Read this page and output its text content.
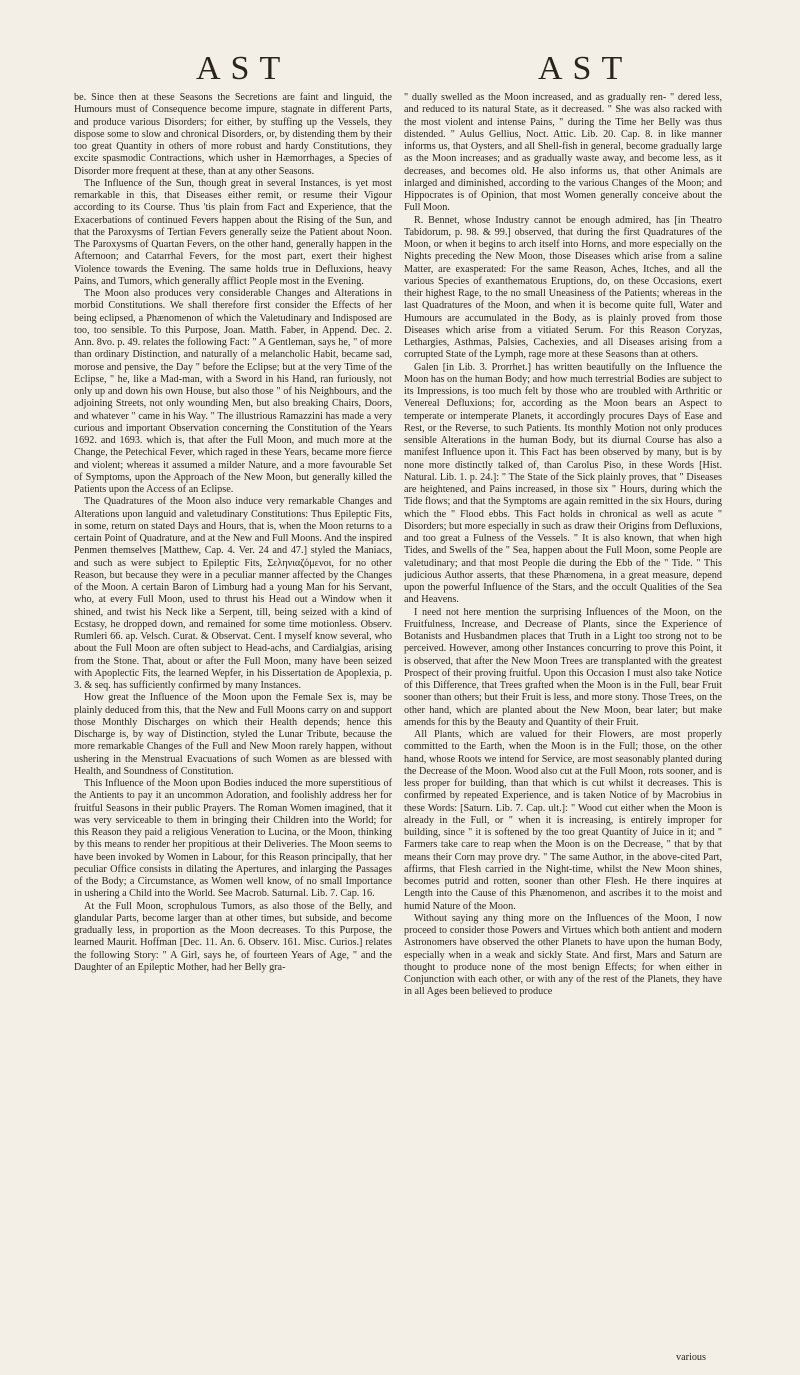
AST	AST

be. Since then at these Seasons the Secretions are faint and linguid, the Humours must of Consequence become impure, stagnate in different Parts, and produce various Disorders; for either, by stuffing up the Vessels, they dispose some to slow and chronical Disorders, or, by distending them by their too great Quantity in others of more robust and hardy Constitutions, they excite spasmodic Contractions, which usher in Hæmorrhages, a Species of Disorder more frequent at these, than at any other Seasons.

The Influence of the Sun, though great in several Instances, is yet most remarkable in this, that Diseases either remit, or resume their Vigour according to its Course. Thus 'tis plain from Fact and Experience, that the Exacerbations of continued Fevers happen about the Rising of the Sun, and that the Paroxysms of Tertian Fevers generally seize the Patient about Noon. The Paroxysms of Quartan Fevers, on the other hand, generally happen in the Afternoon; and Catarrhal Fevers, for the most part, exert their highest Violence towards the Evening. The same holds true in Defluxions, heavy Pains, and Tumors, which generally afflict People most in the Evening.

The Moon also produces very considerable Changes and Alterations in morbid Constitutions. We shall therefore first consider the Effects of her being eclipsed, a Phænomenon of which the Valetudinary and Indisposed are too, too sensible. To this Purpose, Joan. Matth. Faber, in Append. Dec. 2. Ann. 8vo. p. 49. relates the following Fact: " A Gentleman, says he, " of more than ordinary Distinction, and naturally of a melancholic Habit, became sad, morose and pensive, the Day " before the Eclipse; but at the very Time of the Eclipse, " he, like a Mad-man, with a Sword in his Hand, ran furiously, not only up and down his own House, but also those " of his Neighbours, and the adjoining Streets, not only wounding Men, but also breaking Chairs, Doors, and whatever " came in his Way. " The illustrious Ramazzini has made a very curious and important Observation concerning the Constitution of the Years 1692. and 1693. which is, that after the Full Moon, and much more at the Change, the Petechical Fever, which raged in these Years, became more fierce and violent; whereas it assumed a milder Nature, and a more favourable Set of Symptoms, upon the Approach of the New Moon, but generally killed the Patients upon the Access of an Eclipse.

The Quadratures of the Moon also induce very remarkable Changes and Alterations upon languid and valetudinary Constitutions: Thus Epileptic Fits, in some, return on stated Days and Hours, that is, when the Moon returns to a certain Point of Quadrature, and at the New and Full Moons. And the inspired Penmen themselves [Matthew, Cap. 4. Ver. 24 and 47.] styled the Maniacs, and such as were subject to Epileptic Fits, Σεληνιαζόμενοι, for no other Reason, but because they were in a peculiar manner affected by the Changes of the Moon. A certain Baron of Limburg had a young Man for his Servant, who, at every Full Moon, used to thrust his Head out a Window when it shined, and twist his Neck like a Serpent, till, being seized with a kind of Ecstasy, he dropped down, and remained for some time motionless. Observ. Rumleri 66. ap. Velsch. Curat. & Observat. Cent. I myself know several, who about the Full Moon are often subject to Head-achs, and Cardialgias, arising from the Stone. That, about or after the Full Moon, many have been seized with Apoplectic Fits, the learned Wepfer, in his Dissertation de Apoplexia, p. 3. & seq. has sufficiently confirmed by many Instances.

How great the Influence of the Moon upon the Female Sex is, may be plainly deduced from this, that the New and Full Moons carry on and support those Monthly Discharges on which their Health depends; hence this Discharge is, by way of Distinction, styled the Lunar Tribute, because the more remarkable Changes of the Full and New Moon rarely happen, without ushering in the Menstrual Evacuations of such Women as are blessed with Health, and Soundness of Constitution.

This Influence of the Moon upon Bodies induced the more superstitious of the Antients to pay it an uncommon Adoration, and foolishly address her for fruitful Seasons in their public Prayers. The Roman Women imagined, that it was very serviceable to them in bringing their Children into the World; for this Reason they paid a religious Veneration to Lucina, or the Moon, thinking by this means to render her propitious at their Deliveries. The Moon seems to have been invoked by Women in Labour, for this Reason principally, that her peculiar Office consists in dilating the Apertures, and inlarging the Passages of the Body; a Circumstance, as Women well know, of no small Importance in ushering a Child into the World. See Macrob. Saturnal. Lib. 7. Cap. 16.

At the Full Moon, scrophulous Tumors, as also those of the Belly, and glandular Parts, become larger than at other times, but subside, and become gradually less, in proportion as the Moon decreases. To this Purpose, the learned Maurit. Hoffman [Dec. 11. An. 6. Observ. 161. Misc. Curios.] relates the following Story: " A Girl, says he, of fourteen Years of Age, " and the Daughter of an Epileptic Mother, had her Belly gra-

" dually swelled as the Moon increased, and as gradually ren- " dered less, and reduced to its natural State, as it decreased. " She was also racked with the most violent and intense Pains, " during the Time her Belly was thus distended. " Aulus Gellius, Noct. Attic. Lib. 20. Cap. 8. in like manner informs us, that Oysters, and all Shell-fish in general, become gradually large as the Moon increases; and as gradually waste away, and become less, as it decreases, and becomes old. He also informs us, that other Animals are inlarged and diminished, according to the various Changes of the Moon; and Hippocrates is of Opinion, that most Women generally conceive about the Full Moon.

R. Bennet, whose Industry cannot be enough admired, has [in Theatro Tabidorum, p. 98. & 99.] observed, that during the first Quadratures of the Moon, or when it begins to arch itself into Horns, and more especially on the Nights preceding the New Moon, those Diseases which arise from a saline Matter, are exasperated: For the same Reason, Aches, Itches, and all the various Species of exanthematous Eruptions, do, on these Occasions, exert their highest Rage, to the no small Uneasiness of the Patients; whereas in the last Quadratures of the Moon, and when it is become quite full, Water and Humours are accumulated in the Body, as is plainly proved from those Diseases which arise from a vitiated Serum. For this Reason Coryzas, Lethargies, Asthmas, Palsies, Cachexies, and all Diseases arising from a corrupted State of the Lymph, rage more at these Seasons than at others.

Galen [in Lib. 3. Prorrhet.] has written beautifully on the Influence the Moon has on the human Body; and how much terrestrial Bodies are subject to its Impressions, is too much felt by those who are troubled with Arthritic or Venereal Defluxions; for, according as the Moon bears an Aspect to temperate or intemperate Planets, it accordingly procures Days of Ease and Rest, or the Reverse, to such Patients. Its monthly Motion not only produces sensible Alterations in the human Body, but its diurnal Course has also a manifest Influence upon it. This Fact has been observed by many, but is by none more distinctly talked of, than Carolus Piso, in these Words [Hist. Natural. Lib. 1. p. 24.]: " The State of the Sick plainly proves, that " Diseases are heightened, and Pains increased, in those six " Hours, during which the Tide flows; and that the Symptoms are again remitted in the six Hours, during which the " Flood ebbs. This Fact holds in chronical as well as acute " Disorders; but more especially in such as draw their Origins from Defluxions, and too great a Fulness of the Vessels. " It is also known, that when high Tides, and Swells of the " Sea, happen about the Full Moon, some People are valetudinary; and that most People die during the Ebb of the " Tide. " This judicious Author asserts, that these Phænomena, in a great measure, depend upon the powerful Influence of the Stars, and the occult Qualities of the Sea and Heavens.

I need not here mention the surprising Influences of the Moon, on the Fruitfulness, Increase, and Decrease of Plants, since the Experience of Botanists and Husbandmen places that Truth in a Light too strong not to be perceived. However, among other Instances concurring to prove this Point, it is observed, that after the New Moon Trees are transplanted with the greatest Prospect of their proving fruitful. Upon this Occasion I must also take Notice of this Difference, that Trees grafted when the Moon is in the Full, bear Fruit sooner than others; but their Fruit is less, and more stony. Those Trees, on the other hand, which are planted about the New Moon, bear later; but make amends for this by the Beauty and Quantity of their Fruit.

All Plants, which are valued for their Flowers, are most properly committed to the Earth, when the Moon is in the Full; those, on the other hand, whose Roots we intend for Service, are most seasonably planted during the Decrease of the Moon. Wood also cut at the Full Moon, rots sooner, and is less proper for building, than that which is cut whilst it decreases. This is confirmed by repeated Experience, and is taken Notice of by Macrobius in these Words: [Saturn. Lib. 7. Cap. ult.]: " Wood cut either when the Moon is already in the Full, or " when it is increasing, is entirely improper for building, since " it is softened by the too great Quantity of Juice in it; and " Farmers take care to reap when the Moon is on the Decrease, " that by that means their Corn may prove dry. " The same Author, in the above-cited Part, affirms, that Flesh carried in the Night-time, whilst the New Moon shines, becomes putrid and rotten, sooner than other Flesh. He there inquires at Length into the Cause of this Phænomenon, and ascribes it to the moist and humid Nature of the Moon.

Without saying any thing more on the Influences of the Moon, I now proceed to consider those Powers and Virtues which both antient and modern Astronomers have observed the other Planets to have upon the human Body, especially when in a weak and sickly State. And first, Mars and Saturn are thought to produce none of the most benign Effects; for when either in Conjunction with each other, or with any of the rest of the Planets, they have in all Ages been believed to produce

various
